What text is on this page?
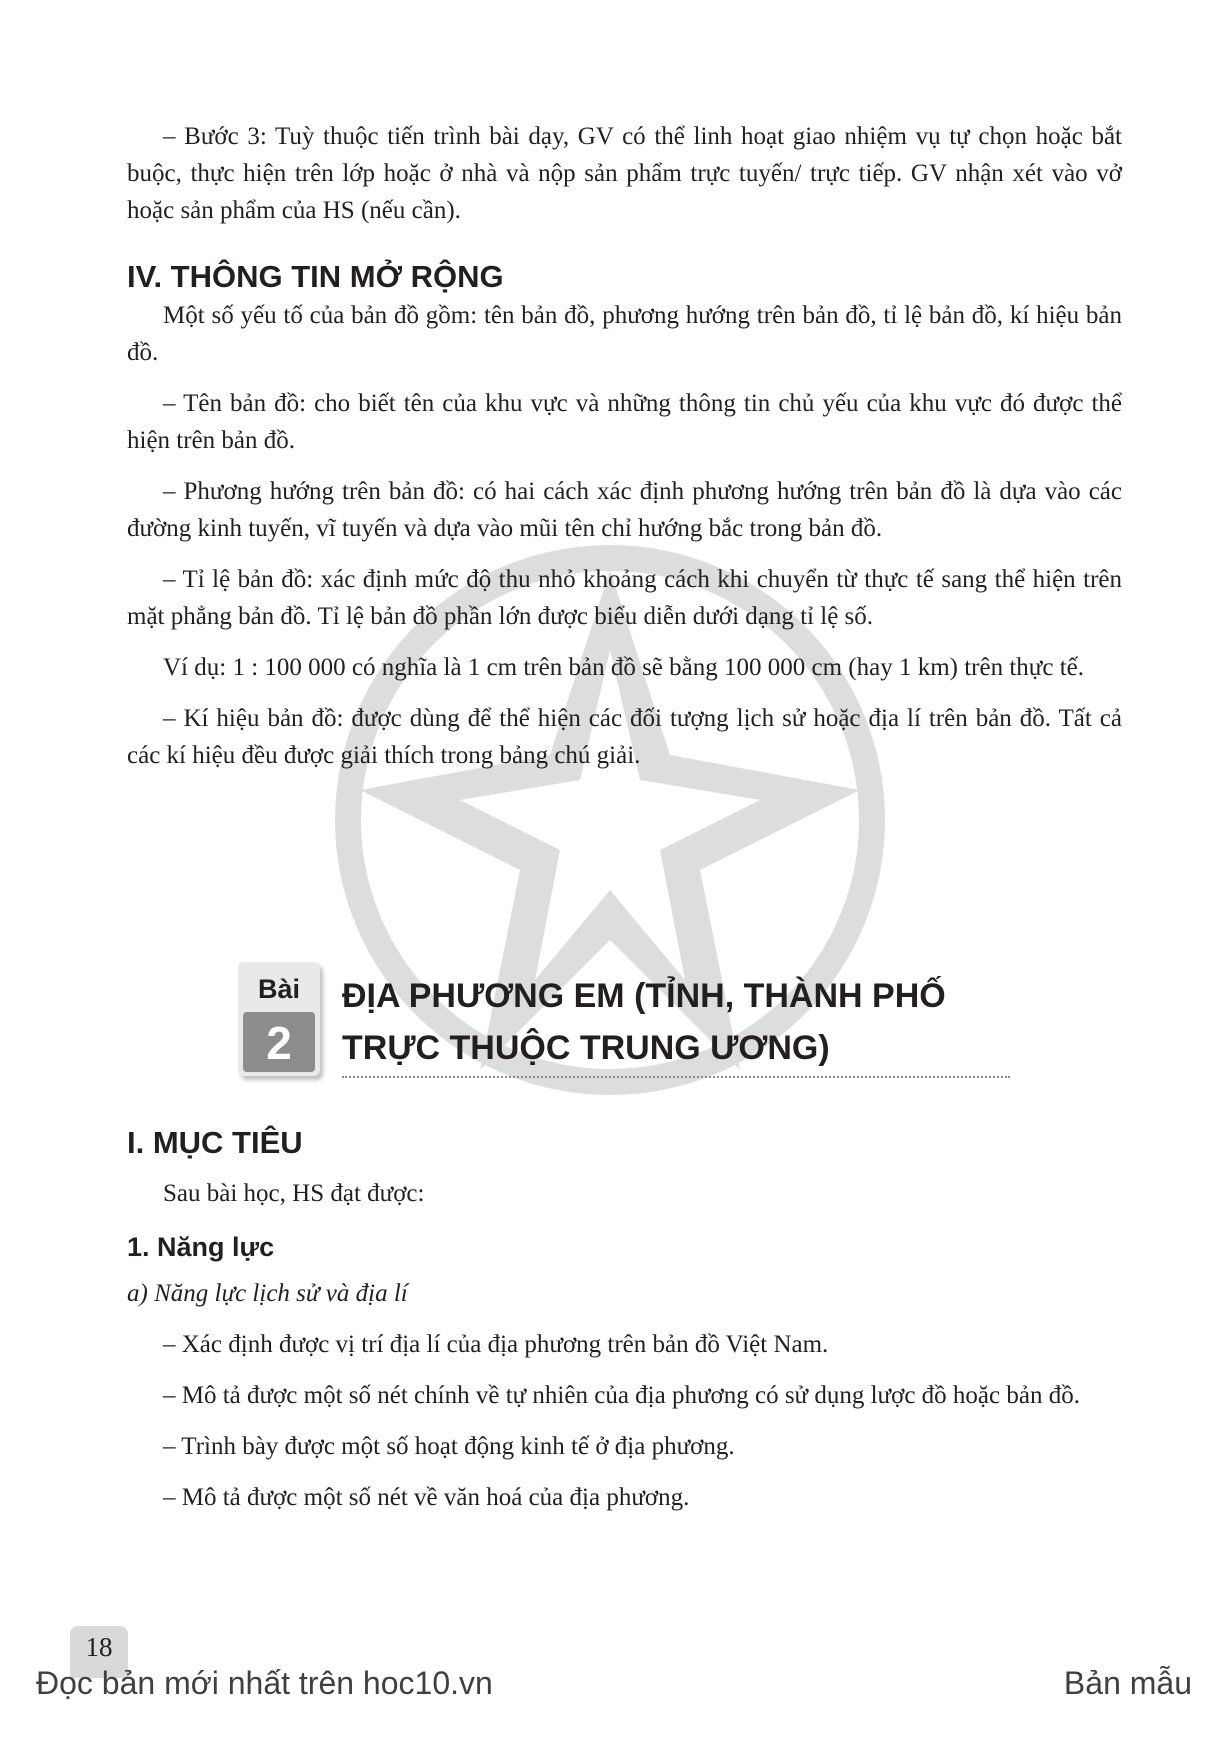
– Bước 3: Tuỳ thuộc tiến trình bài dạy, GV có thể linh hoạt giao nhiệm vụ tự chọn hoặc bắt buộc, thực hiện trên lớp hoặc ở nhà và nộp sản phẩm trực tuyến/ trực tiếp. GV nhận xét vào vở hoặc sản phẩm của HS (nếu cần).

IV. THÔNG TIN MỞ RỘNG

Một số yếu tố của bản đồ gồm: tên bản đồ, phương hướng trên bản đồ, tỉ lệ bản đồ, kí hiệu bản đồ.

– Tên bản đồ: cho biết tên của khu vực và những thông tin chủ yếu của khu vực đó được thể hiện trên bản đồ.

– Phương hướng trên bản đồ: có hai cách xác định phương hướng trên bản đồ là dựa vào các đường kinh tuyến, vĩ tuyến và dựa vào mũi tên chỉ hướng bắc trong bản đồ.

– Tỉ lệ bản đồ: xác định mức độ thu nhỏ khoảng cách khi chuyển từ thực tế sang thể hiện trên mặt phẳng bản đồ. Tỉ lệ bản đồ phần lớn được biểu diễn dưới dạng tỉ lệ số.

Ví dụ: 1 : 100 000 có nghĩa là 1 cm trên bản đồ sẽ bằng 100 000 cm (hay 1 km) trên thực tế.

– Kí hiệu bản đồ: được dùng để thể hiện các đối tượng lịch sử hoặc địa lí trên bản đồ. Tất cả các kí hiệu đều được giải thích trong bảng chú giải.

Bài
2
ĐỊA PHƯƠNG EM (TỈNH, THÀNH PHỐ
TRỰC THUỘC TRUNG ƯƠNG)
I. MỤC TIÊU

Sau bài học, HS đạt được:

1. Năng lực

a) Năng lực lịch sử và địa lí

– Xác định được vị trí địa lí của địa phương trên bản đồ Việt Nam.

– Mô tả được một số nét chính về tự nhiên của địa phương có sử dụng lược đồ hoặc bản đồ.

– Trình bày được một số hoạt động kinh tế ở địa phương.

– Mô tả được một số nét về văn hoá của địa phương.

18
Đọc bản mới nhất trên hoc10.vn	Bản mẫu
